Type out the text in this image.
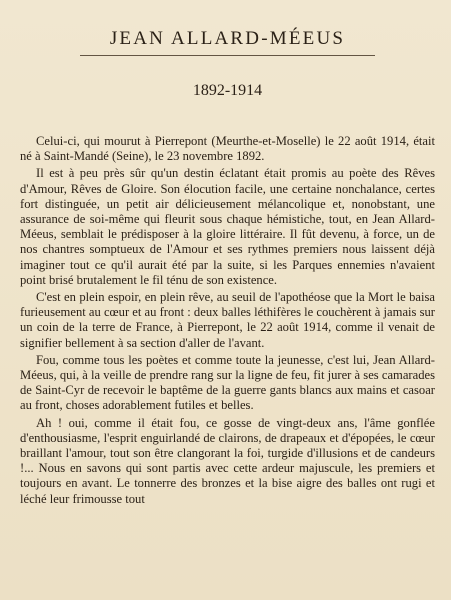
JEAN ALLARD-MÉEUS
1892-1914

Celui-ci, qui mourut à Pierrepont (Meurthe-et-Moselle) le 22 août 1914, était né à Saint-Mandé (Seine), le 23 novembre 1892.

Il est à peu près sûr qu'un destin éclatant était promis au poète des Rêves d'Amour, Rêves de Gloire. Son élocution facile, une certaine nonchalance, certes fort distinguée, un petit air délicieusement mélancolique et, nonobstant, une assurance de soi-même qui fleurit sous chaque hémistiche, tout, en Jean Allard-Méeus, semblait le prédisposer à la gloire littéraire. Il fût devenu, à force, un de nos chantres somptueux de l'Amour et ses rythmes premiers nous laissent déjà imaginer tout ce qu'il aurait été par la suite, si les Parques ennemies n'avaient point brisé brutalement le fil ténu de son existence.

C'est en plein espoir, en plein rêve, au seuil de l'apothéose que la Mort le baisa furieusement au cœur et au front : deux balles léthifères le couchèrent à jamais sur un coin de la terre de France, à Pierrepont, le 22 août 1914, comme il venait de signifier bellement à sa section d'aller de l'avant.

Fou, comme tous les poètes et comme toute la jeunesse, c'est lui, Jean Allard-Méeus, qui, à la veille de prendre rang sur la ligne de feu, fit jurer à ses camarades de Saint-Cyr de recevoir le baptême de la guerre gants blancs aux mains et casoar au front, choses adorablement futiles et belles.

Ah ! oui, comme il était fou, ce gosse de vingt-deux ans, l'âme gonflée d'enthousiasme, l'esprit enguirlandé de clairons, de drapeaux et d'épopées, le cœur braillant l'amour, tout son être clangorant la foi, turgide d'illusions et de candeurs !... Nous en savons qui sont partis avec cette ardeur majuscule, les premiers et toujours en avant. Le tonnerre des bronzes et la bise aigre des balles ont rugi et léché leur frimousse tout
